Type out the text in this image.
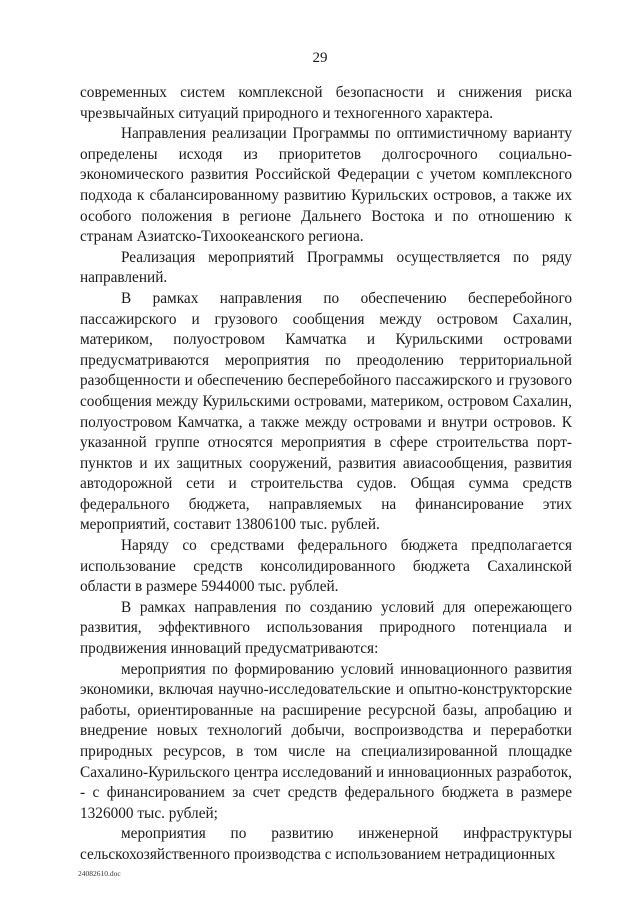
29

современных систем комплексной безопасности и снижения риска чрезвычайных ситуаций природного и техногенного характера.

Направления реализации Программы по оптимистичному варианту определены исходя из приоритетов долгосрочного социально-экономического развития Российской Федерации с учетом комплексного подхода к сбалансированному развитию Курильских островов, а также их особого положения в регионе Дальнего Востока и по отношению к странам Азиатско-Тихоокеанского региона.

Реализация мероприятий Программы осуществляется по ряду направлений.

В рамках направления по обеспечению бесперебойного пассажирского и грузового сообщения между островом Сахалин, материком, полуостровом Камчатка и Курильскими островами предусматриваются мероприятия по преодолению территориальной разобщенности и обеспечению бесперебойного пассажирского и грузового сообщения между Курильскими островами, материком, островом Сахалин, полуостровом Камчатка, а также между островами и внутри островов. К указанной группе относятся мероприятия в сфере строительства порт-пунктов и их защитных сооружений, развития авиасообщения, развития автодорожной сети и строительства судов. Общая сумма средств федерального бюджета, направляемых на финансирование этих мероприятий, составит 13806100 тыс. рублей.

Наряду со средствами федерального бюджета предполагается использование средств консолидированного бюджета Сахалинской области в размере 5944000 тыс. рублей.

В рамках направления по созданию условий для опережающего развития, эффективного использования природного потенциала и продвижения инноваций предусматриваются:

мероприятия по формированию условий инновационного развития экономики, включая научно-исследовательские и опытно-конструкторские работы, ориентированные на расширение ресурсной базы, апробацию и внедрение новых технологий добычи, воспроизводства и переработки природных ресурсов, в том числе на специализированной площадке Сахалино-Курильского центра исследований и инновационных разработок, - с финансированием за счет средств федерального бюджета в размере 1326000 тыс. рублей;

мероприятия по развитию инженерной инфраструктуры сельскохозяйственного производства с использованием нетрадиционных

24082610.doc
